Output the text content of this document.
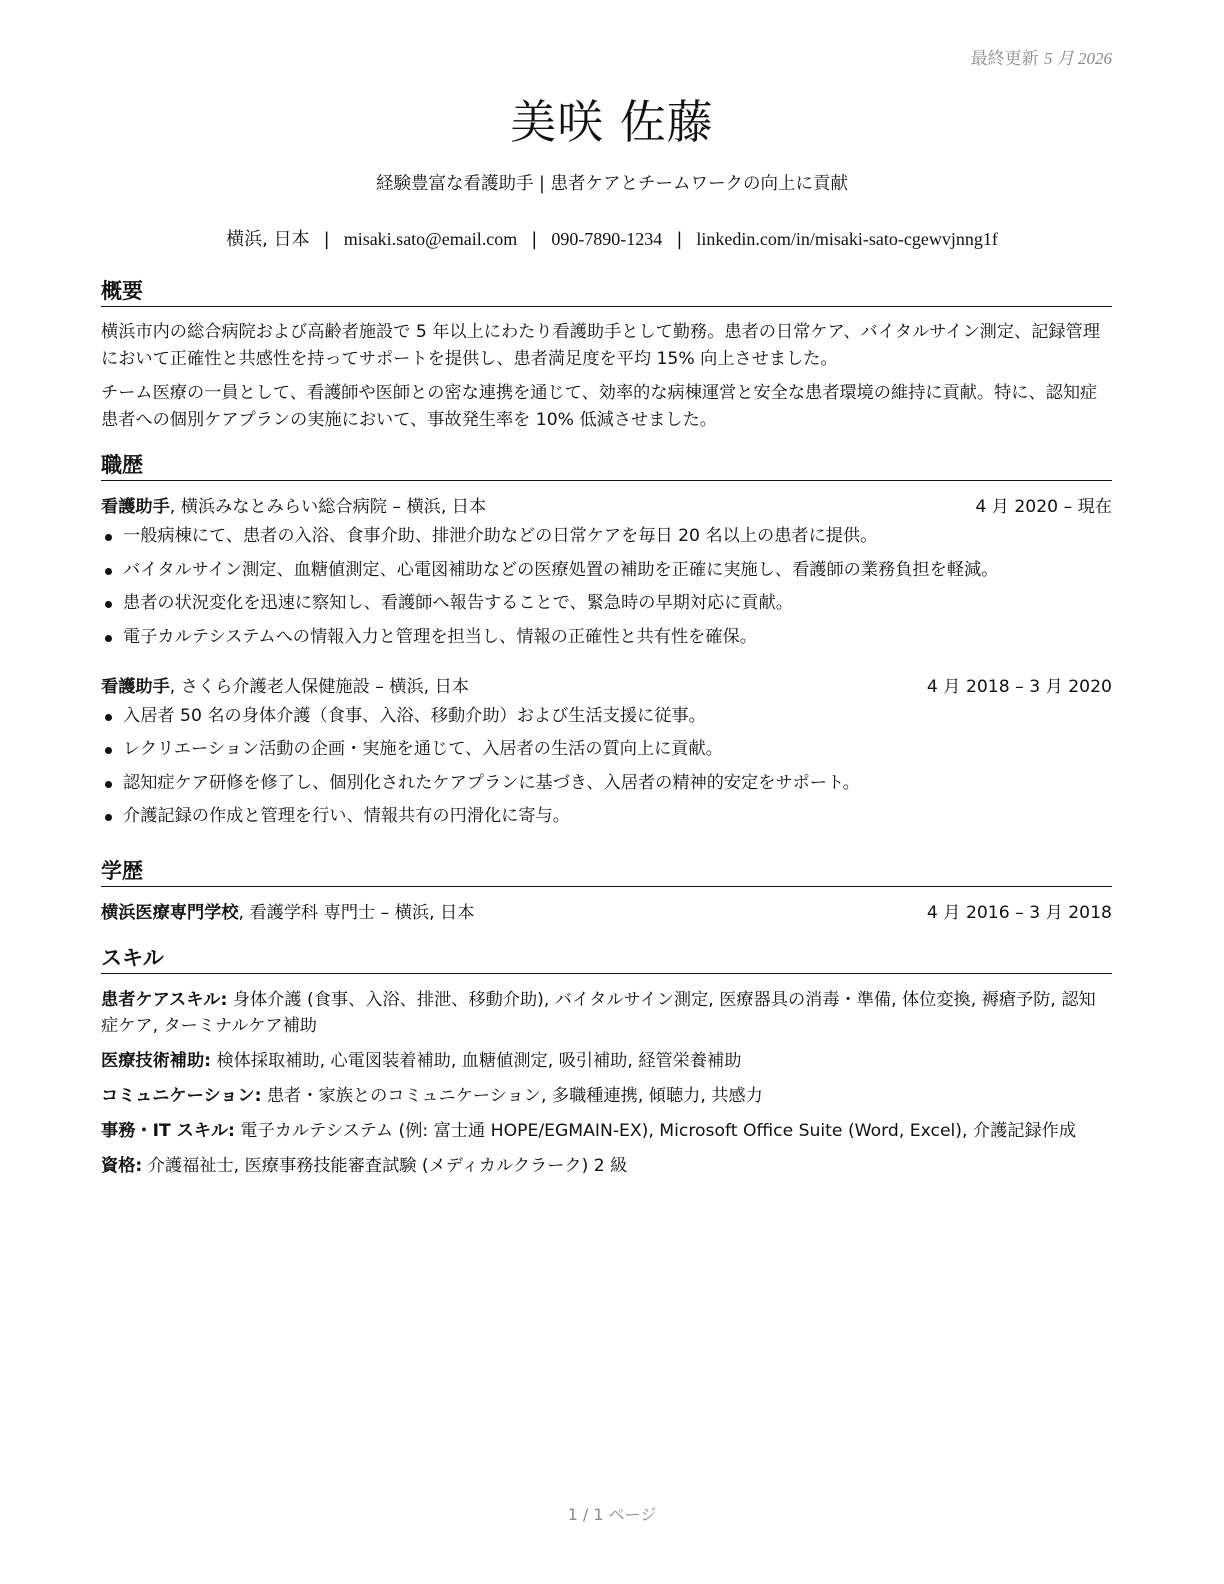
最終更新 5 月 2026
美咲 佐藤
経験豊富な看護助手 | 患者ケアとチームワークの向上に貢献
横浜, 日本 | misaki.sato@email.com | 090-7890-1234 | linkedin.com/in/misaki-sato-cgewvjnng1f
概要

横浜市内の総合病院および高齢者施設で 5 年以上にわたり看護助手として勤務。患者の日常ケア、バイタルサイン測定、記録管理において正確性と共感性を持ってサポートを提供し、患者満足度を平均 15% 向上させました。

チーム医療の一員として、看護師や医師との密な連携を通じて、効率的な病棟運営と安全な患者環境の維持に貢献。特に、認知症患者への個別ケアプランの実施において、事故発生率を 10% 低減させました。

職歴
看護助手, 横浜みなとみらい総合病院 – 横浜, 日本	4 月 2020 – 現在
一般病棟にて、患者の入浴、食事介助、排泄介助などの日常ケアを毎日 20 名以上の患者に提供。
バイタルサイン測定、血糖値測定、心電図補助などの医療処置の補助を正確に実施し、看護師の業務負担を軽減。
患者の状況変化を迅速に察知し、看護師へ報告することで、緊急時の早期対応に貢献。
電子カルテシステムへの情報入力と管理を担当し、情報の正確性と共有性を確保。
看護助手, さくら介護老人保健施設 – 横浜, 日本	4 月 2018 – 3 月 2020
入居者 50 名の身体介護（食事、入浴、移動介助）および生活支援に従事。
レクリエーション活動の企画・実施を通じて、入居者の生活の質向上に貢献。
認知症ケア研修を修了し、個別化されたケアプランに基づき、入居者の精神的安定をサポート。
介護記録の作成と管理を行い、情報共有の円滑化に寄与。
学歴
横浜医療専門学校, 看護学科 専門士 – 横浜, 日本	4 月 2016 – 3 月 2018
スキル

患者ケアスキル: 身体介護 (食事、入浴、排泄、移動介助), バイタルサイン測定, 医療器具の消毒・準備, 体位変換, 褥瘡予防, 認知症ケア, ターミナルケア補助

医療技術補助: 検体採取補助, 心電図装着補助, 血糖値測定, 吸引補助, 経管栄養補助

コミュニケーション: 患者・家族とのコミュニケーション, 多職種連携, 傾聴力, 共感力

事務・IT スキル: 電子カルテシステム (例: 富士通 HOPE/EGMAIN-EX), Microsoft Office Suite (Word, Excel), 介護記録作成

資格: 介護福祉士, 医療事務技能審査試験 (メディカルクラーク) 2 級

1 / 1 ページ
